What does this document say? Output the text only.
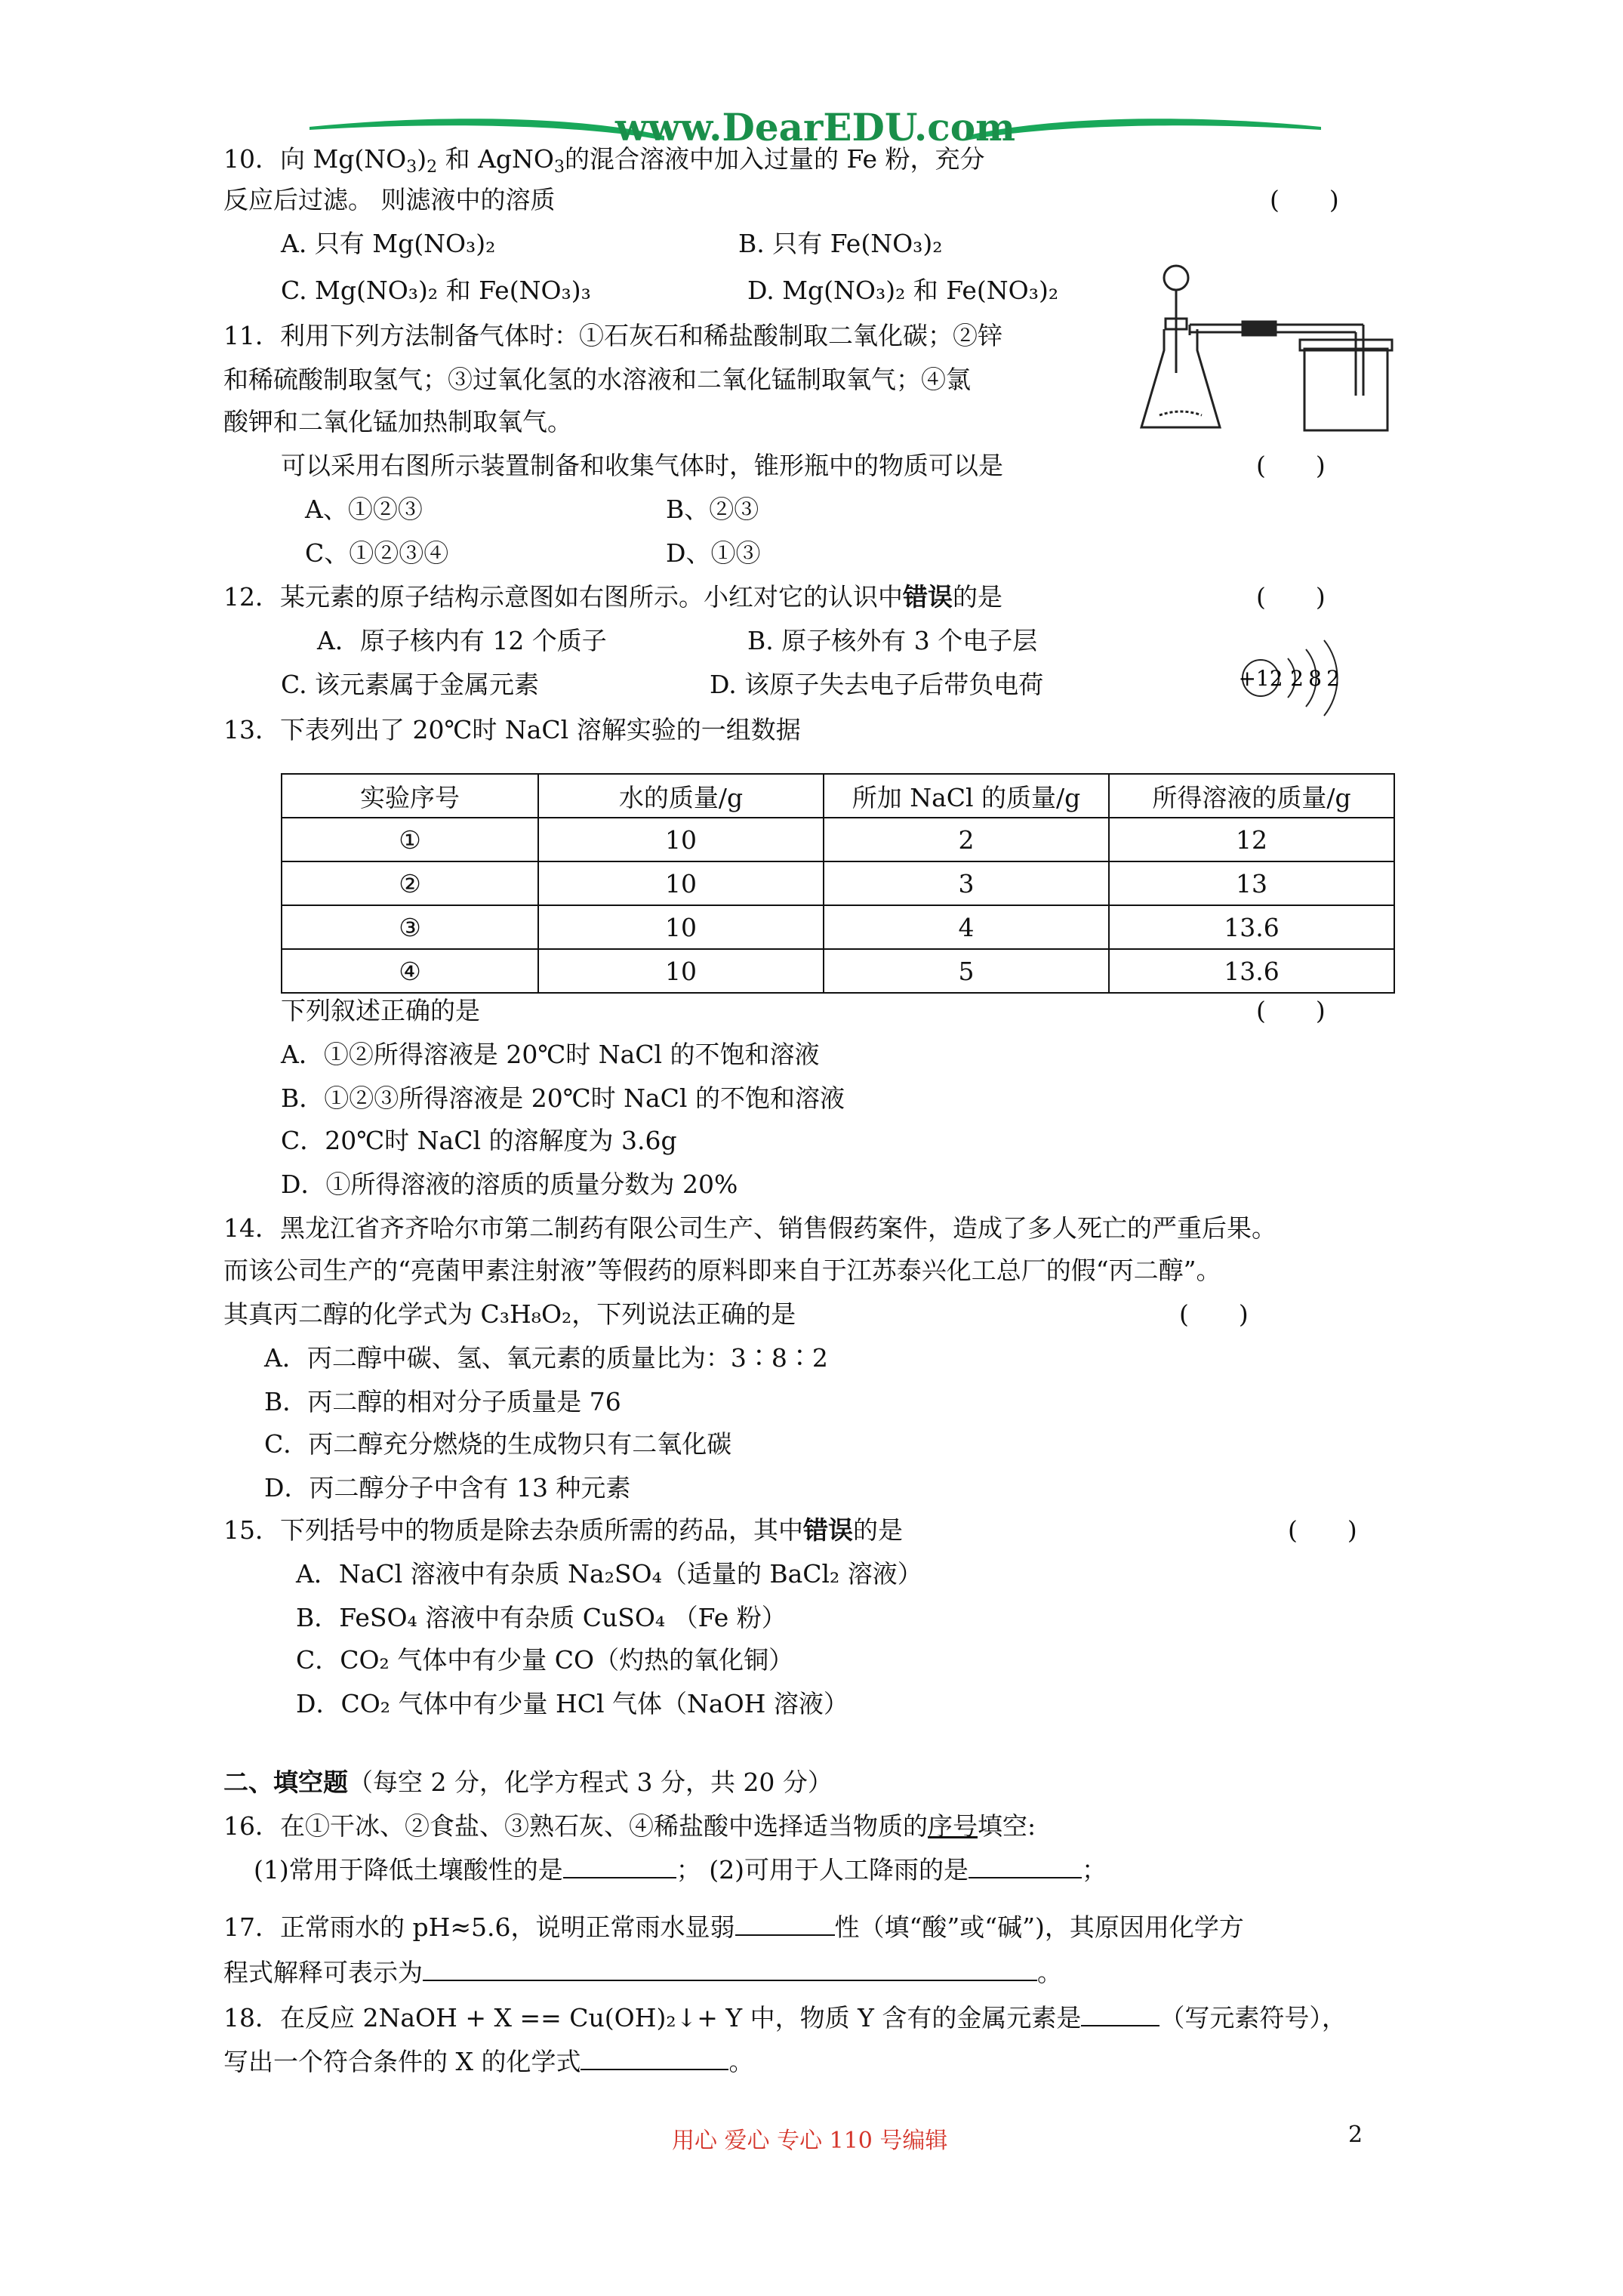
www.DearEDU.com
10．向 $Mg(NO_3)_2$ 和 AgNO$_3$的混合溶液中加入过量的 Fe 粉，充分
反应后过滤。 则滤液中的溶质	(　　)
A. 只有 Mg(NO₃)₂	B. 只有 Fe(NO₃)₂
C. Mg(NO₃)₂ 和 Fe(NO₃)₃	D. Mg(NO₃)₂ 和 Fe(NO₃)₂
11．利用下列方法制备气体时：①石灰石和稀盐酸制取二氧化碳；②锌
和稀硫酸制取氢气；③过氧化氢的水溶液和二氧化锰制取氧气；④氯
酸钾和二氧化锰加热制取氧气。
可以采用右图所示装置制备和收集气体时，锥形瓶中的物质可以是	(　　)
A、①②③	B、②③
C、①②③④	D、①③
12．某元素的原子结构示意图如右图所示。小红对它的认识中错误的是	(　　)
A．原子核内有 12 个质子	B. 原子核外有 3 个电子层
C. 该元素属于金属元素	D. 该原子失去电子后带负电荷	+12 2 8 2
13．下表列出了 20℃时 NaCl 溶解实验的一组数据
实验序号	水的质量/g	所加 NaCl 的质量/g	所得溶液的质量/g
①	10	2	12
②	10	3	13
③	10	4	13.6
④	10	5	13.6
下列叙述正确的是	(　　)
A．①②所得溶液是 20℃时 NaCl 的不饱和溶液
B．①②③所得溶液是 20℃时 NaCl 的不饱和溶液
C．20℃时 NaCl 的溶解度为 3.6g
D．①所得溶液的溶质的质量分数为 20%
14．黑龙江省齐齐哈尔市第二制药有限公司生产、销售假药案件，造成了多人死亡的严重后果。
而该公司生产的“亮菌甲素注射液”等假药的原料即来自于江苏泰兴化工总厂的假“丙二醇”。
其真丙二醇的化学式为 C₃H₈O₂，下列说法正确的是	(　　)
A．丙二醇中碳、氢、氧元素的质量比为：3∶8∶2
B．丙二醇的相对分子质量是 76
C．丙二醇充分燃烧的生成物只有二氧化碳
D．丙二醇分子中含有 13 种元素
15．下列括号中的物质是除去杂质所需的药品，其中错误的是	(　　)
A．NaCl 溶液中有杂质 Na₂SO₄（适量的 BaCl₂ 溶液）
B．FeSO₄ 溶液中有杂质 CuSO₄ （Fe 粉）
C．CO₂ 气体中有少量 CO（灼热的氧化铜）
D．CO₂ 气体中有少量 HCl 气体（NaOH 溶液）
二、填空题（每空 2 分，化学方程式 3 分，共 20 分）
16．在①干冰、②食盐、③熟石灰、④稀盐酸中选择适当物质的序号填空:
(1)常用于降低土壤酸性的是	； (2)可用于人工降雨的是	；
17．正常雨水的 pH≈5.6，说明正常雨水显弱	性（填“酸”或“碱”)，其原因用化学方
程式解释可表示为	。
18．在反应 2NaOH + X == Cu(OH)₂↓+ Y 中，物质 Y 含有的金属元素是	（写元素符号），
写出一个符合条件的 X 的化学式	。
用心 爱心 专心 110 号编辑	2
